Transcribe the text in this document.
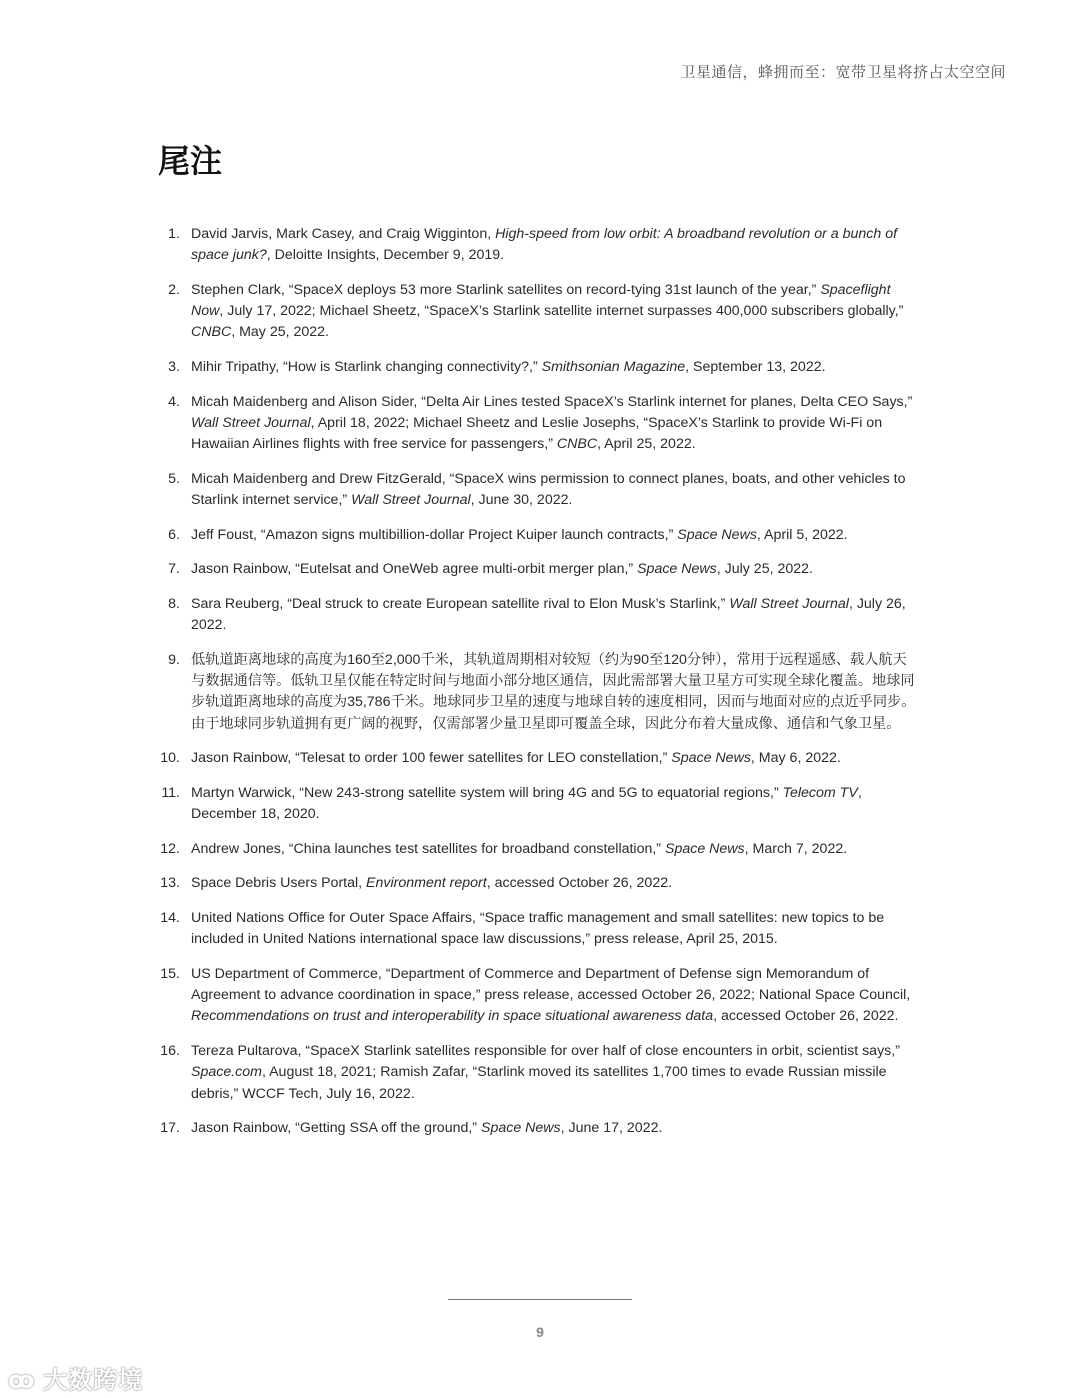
卫星通信，蜂拥而至：宽带卫星将挤占太空空间
尾注
1. David Jarvis, Mark Casey, and Craig Wigginton, High-speed from low orbit: A broadband revolution or a bunch of space junk?, Deloitte Insights, December 9, 2019.
2. Stephen Clark, “SpaceX deploys 53 more Starlink satellites on record-tying 31st launch of the year,” Spaceflight Now, July 17, 2022; Michael Sheetz, “SpaceX’s Starlink satellite internet surpasses 400,000 subscribers globally,” CNBC, May 25, 2022.
3. Mihir Tripathy, “How is Starlink changing connectivity?,” Smithsonian Magazine, September 13, 2022.
4. Micah Maidenberg and Alison Sider, “Delta Air Lines tested SpaceX’s Starlink internet for planes, Delta CEO Says,” Wall Street Journal, April 18, 2022; Michael Sheetz and Leslie Josephs, “SpaceX’s Starlink to provide Wi-Fi on Hawaiian Airlines flights with free service for passengers,” CNBC, April 25, 2022.
5. Micah Maidenberg and Drew FitzGerald, “SpaceX wins permission to connect planes, boats, and other vehicles to Starlink internet service,” Wall Street Journal, June 30, 2022.
6. Jeff Foust, “Amazon signs multibillion-dollar Project Kuiper launch contracts,” Space News, April 5, 2022.
7. Jason Rainbow, “Eutelsat and OneWeb agree multi-orbit merger plan,” Space News, July 25, 2022.
8. Sara Reuberg, “Deal struck to create European satellite rival to Elon Musk’s Starlink,” Wall Street Journal, July 26, 2022.
9. 低轨道距离地球的高度为160至2,000千米，其轨道周期相对较短（约为90至120分钟），常用于远程遥感、载人航天与数据通信等。低轨卫星仅能在特定时间与地面小部分地区通信，因此需部署大量卫星方可实现全球化覆盖。地球同步轨道距离地球的高度为35,786千米。地球同步卫星的速度与地球自转的速度相同，因而与地面对应的点近乎同步。由于地球同步轨道拥有更广阔的视野，仅需部署少量卫星即可覆盖全球，因此分布着大量成像、通信和气象卫星。
10. Jason Rainbow, “Telesat to order 100 fewer satellites for LEO constellation,” Space News, May 6, 2022.
11. Martyn Warwick, “New 243-strong satellite system will bring 4G and 5G to equatorial regions,” Telecom TV, December 18, 2020.
12. Andrew Jones, “China launches test satellites for broadband constellation,” Space News, March 7, 2022.
13. Space Debris Users Portal, Environment report, accessed October 26, 2022.
14. United Nations Office for Outer Space Affairs, “Space traffic management and small satellites: new topics to be included in United Nations international space law discussions,” press release, April 25, 2015.
15. US Department of Commerce, “Department of Commerce and Department of Defense sign Memorandum of Agreement to advance coordination in space,” press release, accessed October 26, 2022; National Space Council, Recommendations on trust and interoperability in space situational awareness data, accessed October 26, 2022.
16. Tereza Pultarova, “SpaceX Starlink satellites responsible for over half of close encounters in orbit, scientist says,” Space.com, August 18, 2021; Ramish Zafar, “Starlink moved its satellites 1,700 times to evade Russian missile debris,” WCCF Tech, July 16, 2022.
17. Jason Rainbow, “Getting SSA off the ground,” Space News, June 17, 2022.
9
ꝏ 大数跨境
